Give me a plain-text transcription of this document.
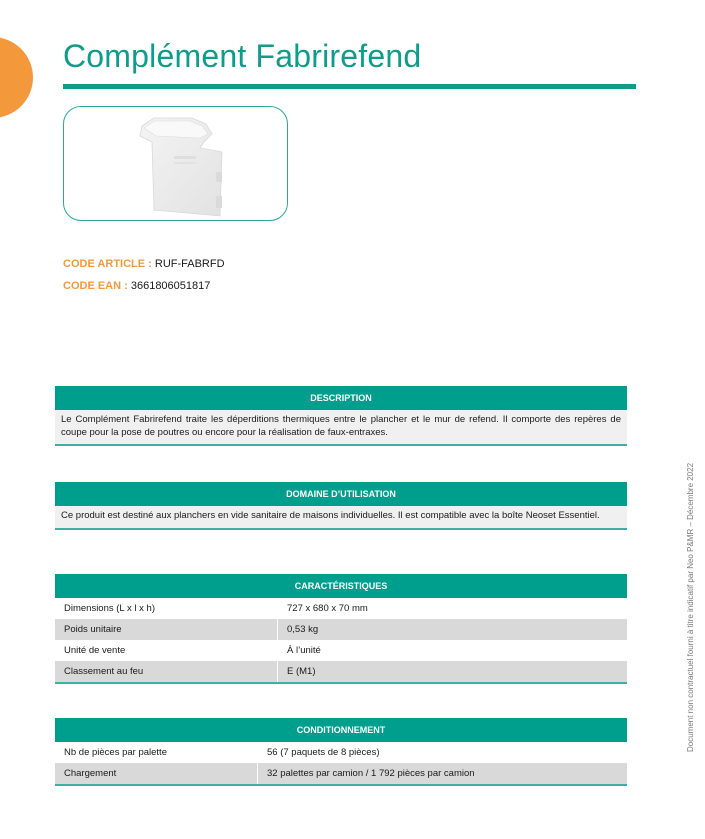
Complément Fabrirefend
CODE ARTICLE : RUF-FABRFD
CODE EAN : 3661806051817
DESCRIPTION
Le Complément Fabrirefend traite les déperditions thermiques entre le plancher et le mur de refend. Il comporte des repères de coupe pour la pose de poutres ou encore pour la réalisation de faux-entraxes.
DOMAINE D’UTILISATION
Ce produit est destiné aux planchers en vide sanitaire de maisons individuelles. Il est compatible avec la boîte Neoset Essentiel.
CARACTÉRISTIQUES
Dimensions (L x l x h)	727 x 680 x 70 mm
Poids unitaire	0,53 kg
Unité de vente	À l’unité
Classement au feu	E (M1)
CONDITIONNEMENT
Nb de pièces par palette	56 (7 paquets de 8 pièces)
Chargement	32 palettes par camion / 1 792 pièces par camion
Document non contractuel fourni à titre indicatif par Neo P&MR – Décembre 2022
